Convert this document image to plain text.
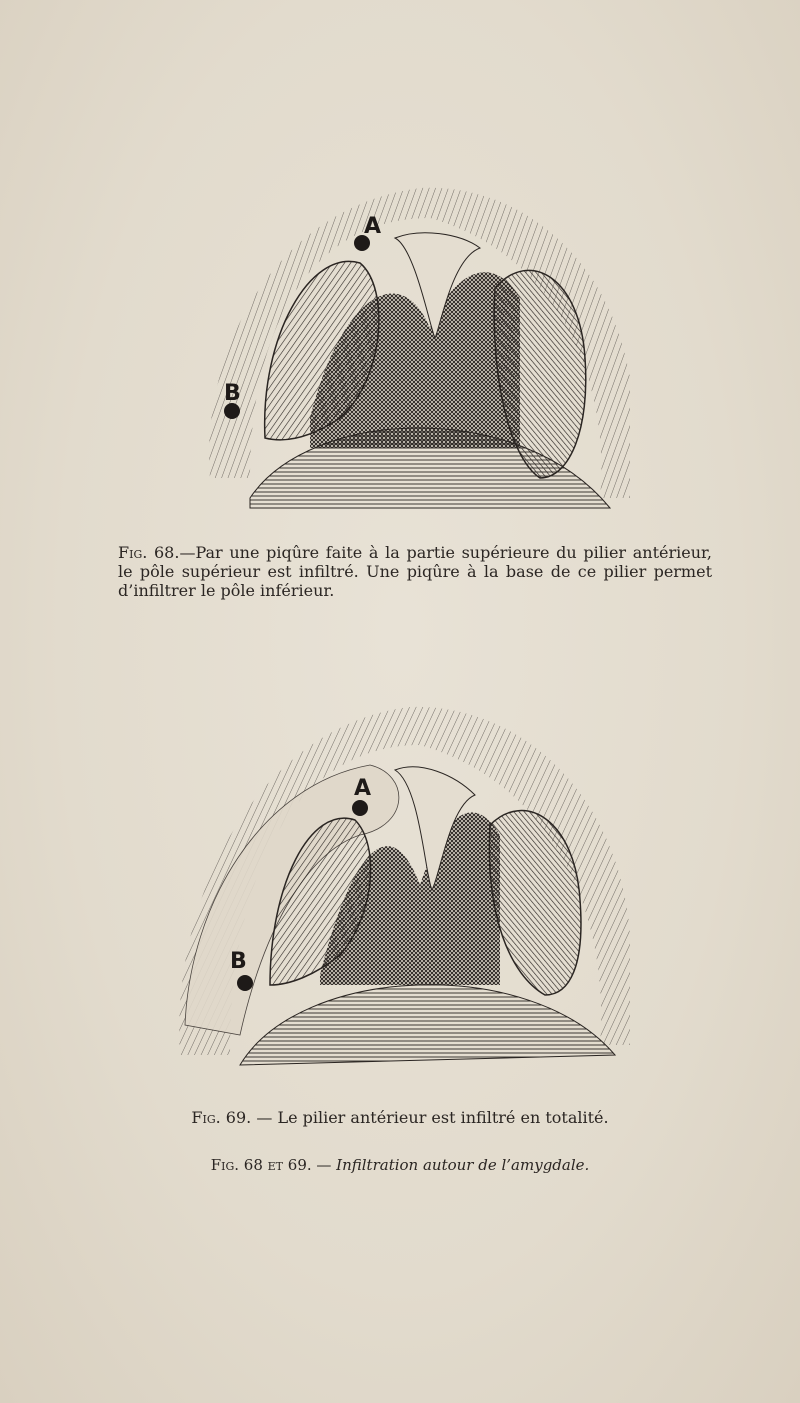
A
B
Fig. 68.—Par une piqûre faite à la partie supérieure du pilier antérieur, le pôle supérieur est infiltré. Une piqûre à la base de ce pilier permet d’infiltrer le pôle inférieur.
A
B
Fig. 69. — Le pilier antérieur est infiltré en totalité.
Fig. 68 et 69. — Infiltration autour de l’amygdale.
